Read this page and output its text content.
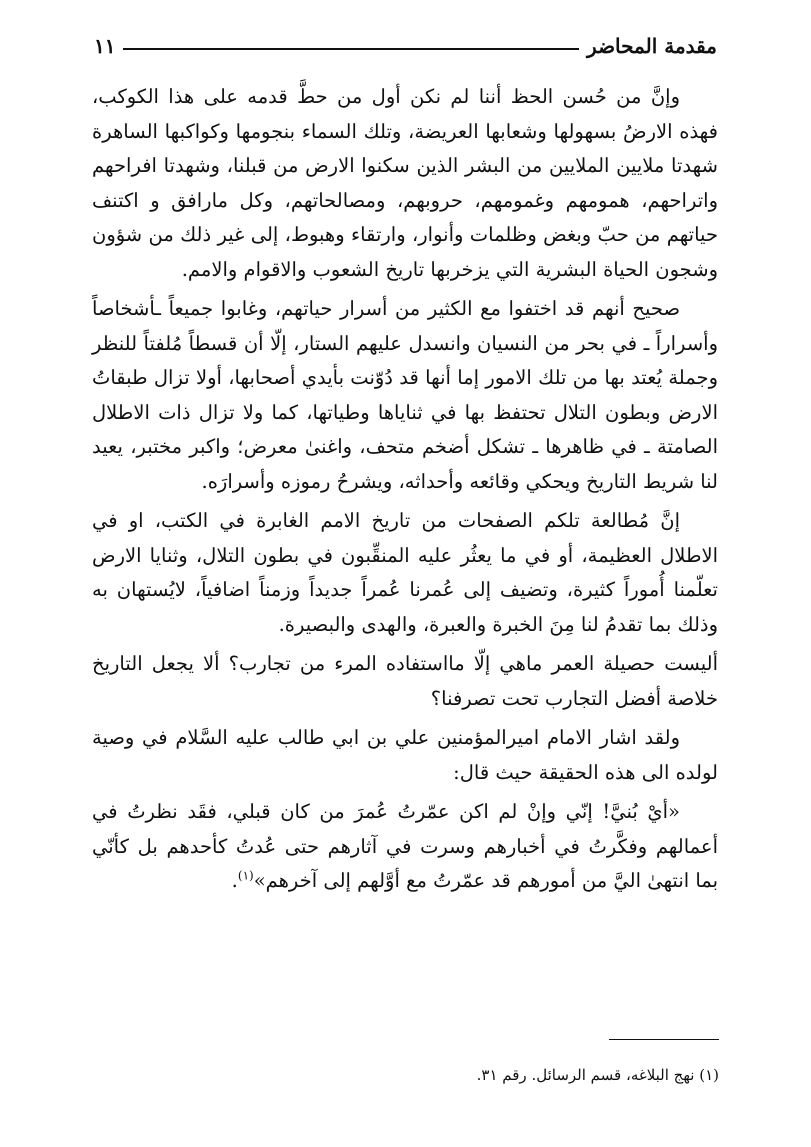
مقدمة المحاضر
١١

وإنَّ من حُسن الحظ أننا لم نكن أول من حطَّ قدمه على هذا الكوكب، فهذه الارضُ بسهولها وشعابها العريضة، وتلك السماء بنجومها وكواكبها الساهرة شهدتا ملايين الملايين من البشر الذين سكنوا الارض من قبلنا، وشهدتا افراحهم واتراحهم، همومهم وغمومهم، حروبهم، ومصالحاتهم، وكل مارافق و اكتنف حياتهم من حبّ وبغض وظلمات وأنوار، وارتقاء وهبوط، إلى غير ذلك من شؤون وشجون الحياة البشرية التي يزخربها تاريخ الشعوب والاقوام والامم.

صحيح أنهم قد اختفوا مع الكثير من أسرار حياتهم، وغابوا جميعاً ـأشخاصاً وأسراراً ـ في بحر من النسيان وانسدل عليهم الستار، إلّا أن قسطاً مُلفتاً للنظر وجملة يُعتد بها من تلك الامور إما أنها قد دُوّنت بأيدي أصحابها، أولا تزال طبقاتُ الارض وبطون التلال تحتفظ بها في ثناياها وطياتها، كما ولا تزال ذات الاطلال الصامتة ـ في ظاهرها ـ تشكل أضخم متحف، واغنىٰ معرض؛ واكبر مختبر، يعيد لنا شريط التاريخ ويحكي وقائعه وأحداثه، ويشرحُ رموزه وأسرارَه.

إنَّ مُطالعة تلكم الصفحات من تاريخ الامم الغابرة في الكتب، او في الاطلال العظيمة، أو في ما يعثُر عليه المنقِّبون في بطون التلال، وثنايا الارض تعلّمنا أُموراً كثيرة، وتضيف إلى عُمرنا عُمراً جديداً وزمناً اضافياً، لايُستهان به وذلك بما تقدمُ لنا مِنَ الخبرة والعبرة، والهدى والبصيرة.

أليست حصيلة العمر ماهي إلّا مااستفاده المرء من تجارب؟ ألا يجعل التاريخ خلاصة أفضل التجارب تحت تصرفنا؟

ولقد اشار الامام اميرالمؤمنين علي بن ابي طالب عليه السَّلام في وصية لولده الى هذه الحقيقة حيث قال:

«أيْ بُنيَّ! إنّي وإنْ لم اكن عمّرتُ عُمرَ من كان قبلي، فقَد نظرتُ في أعمالهم وفكَّرتُ في أخبارهم وسرت في آثارهم حتى عُدتُ كأحدهم بل كأنّي بما انتهىٰ اليَّ من أمورهم قد عمّرتُ مع أوَّلهم إلى آخرهم»$^{(١)}$.

(١) نهج البلاغه، قسم الرسائل. رقم ٣١.
